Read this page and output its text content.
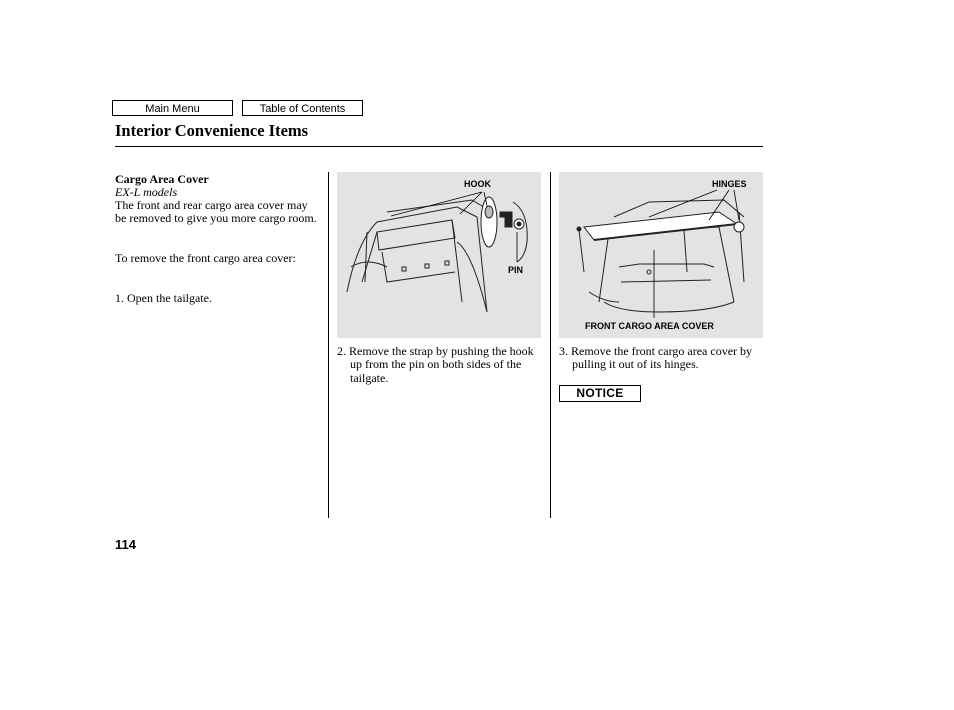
Main Menu	Table of Contents
Interior Convenience Items
Cargo Area Cover
EX-L models
The front and rear cargo area cover may be removed to give you more cargo room.
To remove the front cargo area cover:
1. Open the tailgate.
HOOK
PIN
HINGES
FRONT CARGO AREA COVER
2. Remove the strap by pushing the hook up from the pin on both sides of the tailgate.
3. Remove the front cargo area cover by pulling it out of its hinges.
NOTICE
114
